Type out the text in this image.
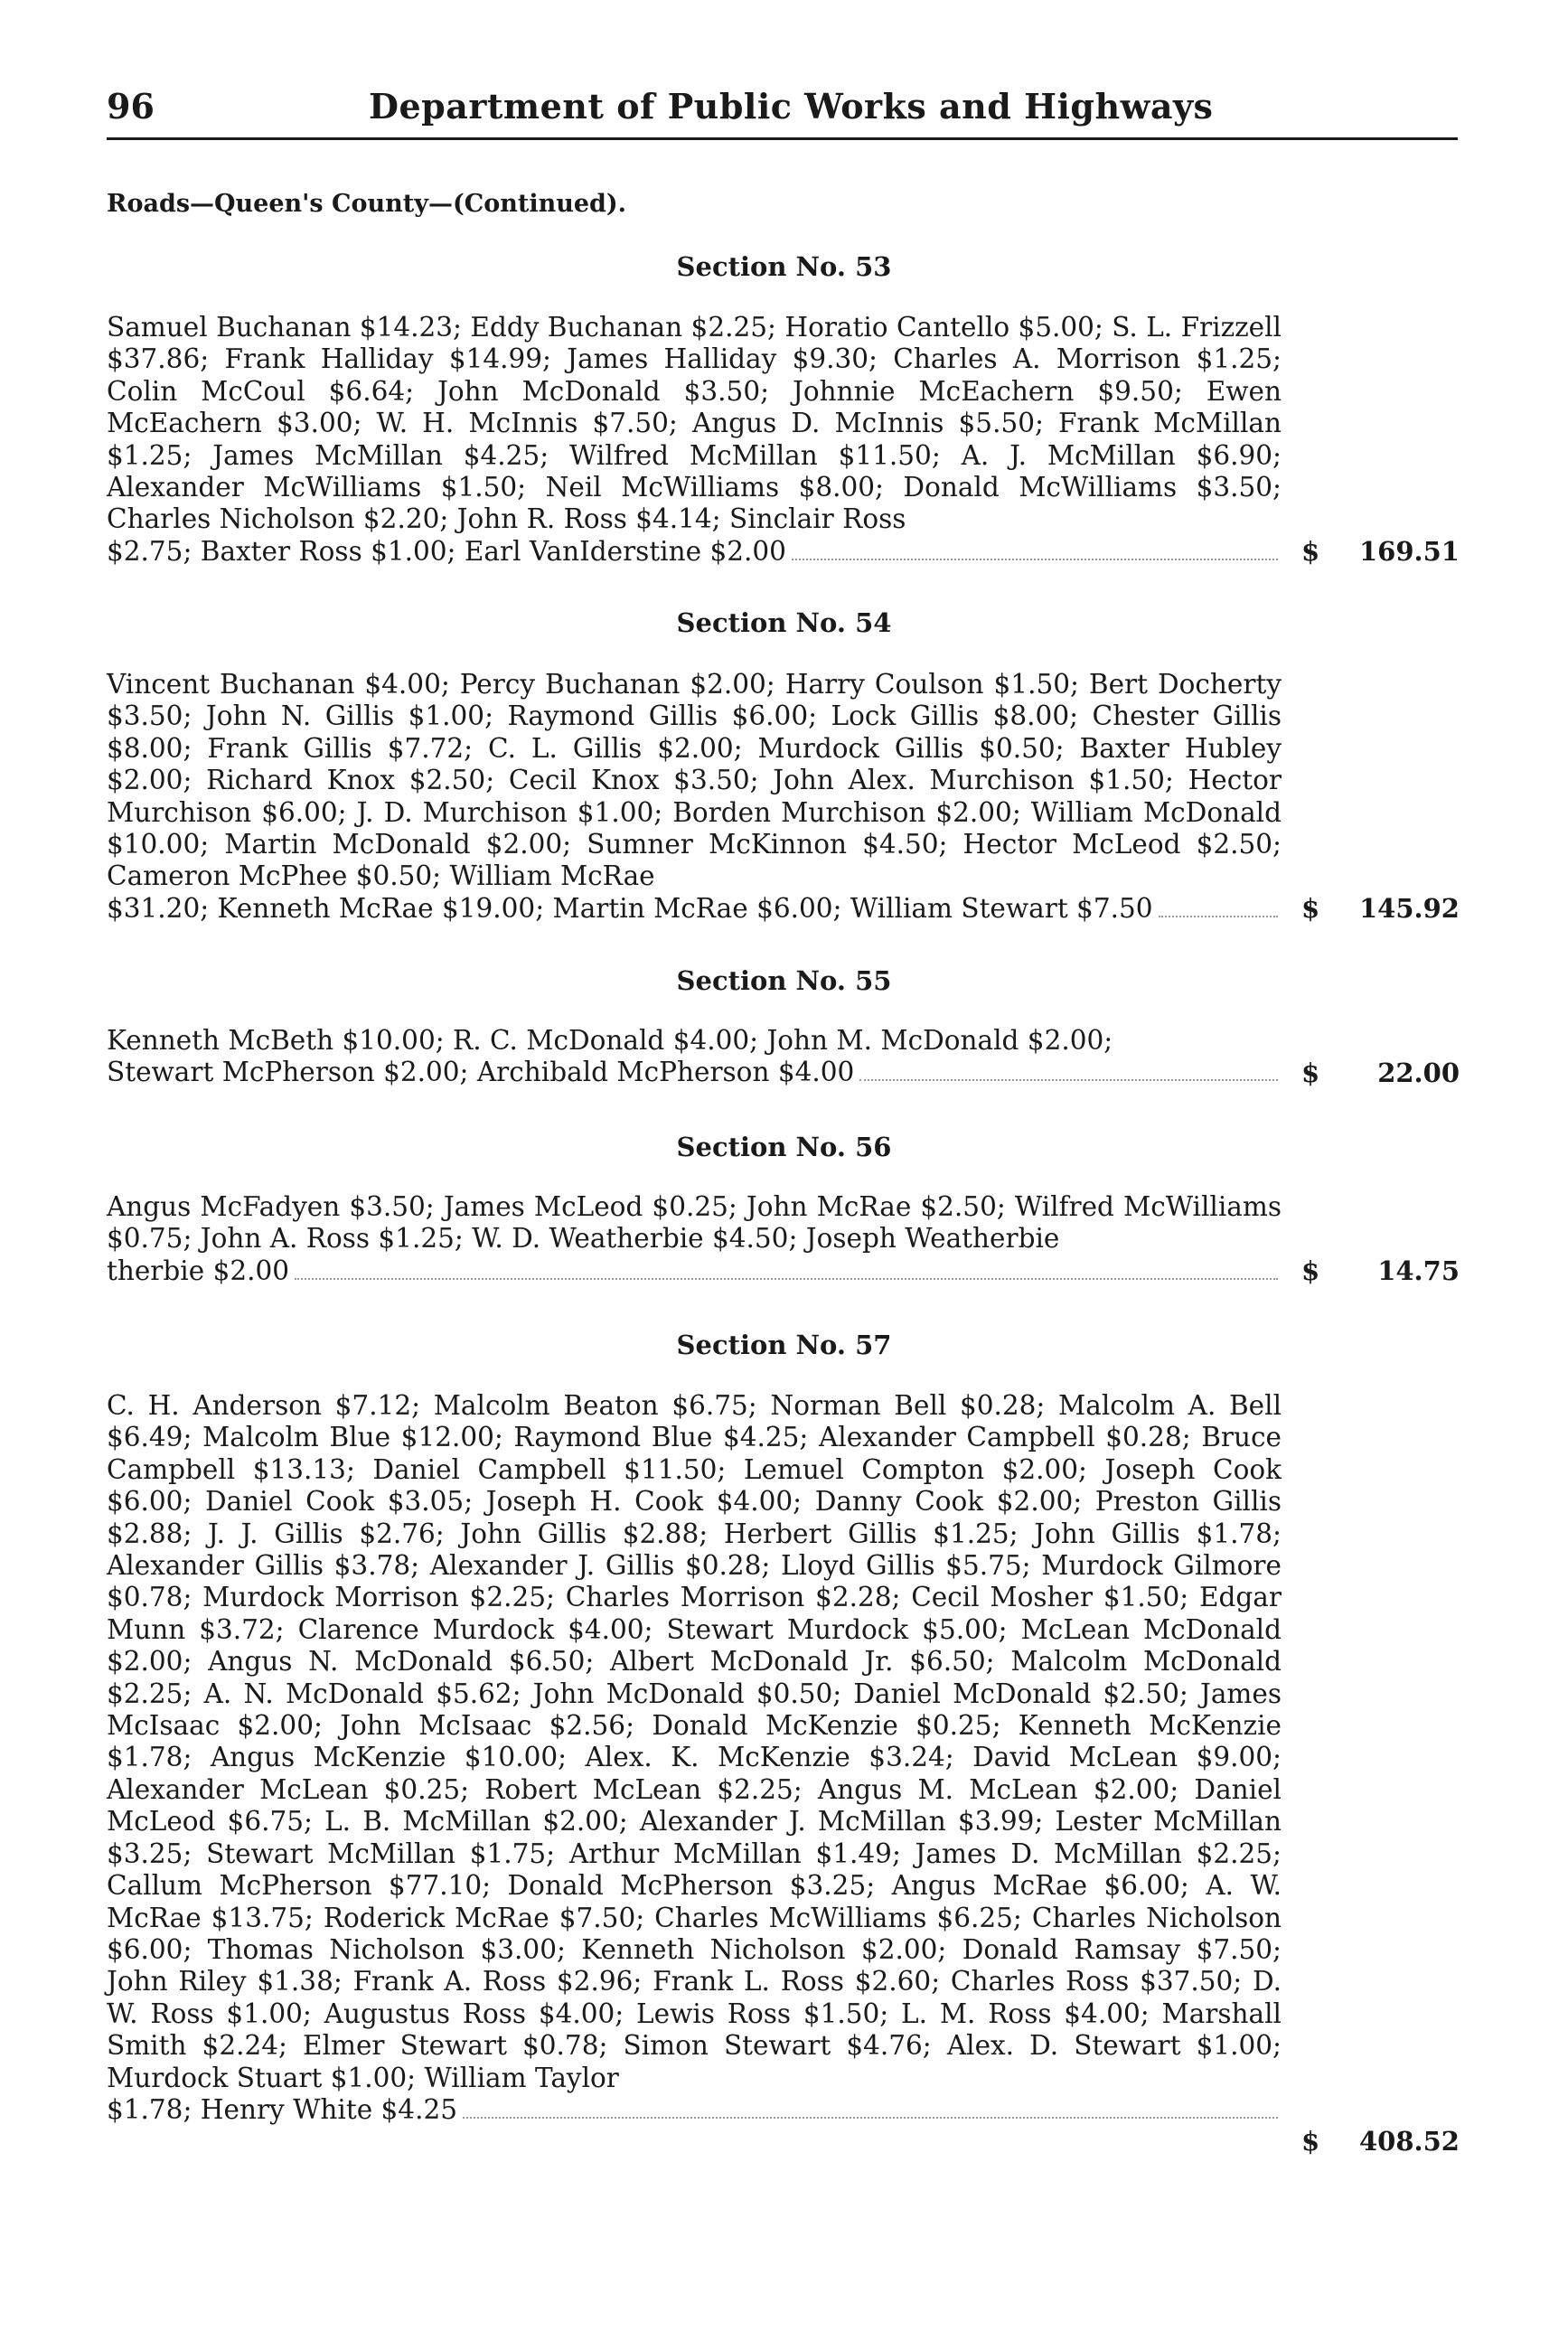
96	Department of Public Works and Highways
Roads—Queen's County—(Continued).
Section No. 53
Samuel Buchanan $14.23; Eddy Buchanan $2.25; Horatio Cantello $5.00; S. L. Frizzell $37.86; Frank Halliday $14.99; James Halliday $9.30; Charles A. Morrison $1.25; Colin McCoul $6.64; John McDonald $3.50; Johnnie McEachern $9.50; Ewen McEachern $3.00; W. H. McInnis $7.50; Angus D. McInnis $5.50; Frank McMillan $1.25; James McMillan $4.25; Wilfred McMillan $11.50; A. J. McMillan $6.90; Alexander McWilliams $1.50; Neil McWilliams $8.00; Donald McWilliams $3.50; Charles Nicholson $2.20; John R. Ross $4.14; Sinclair Ross
$2.75; Baxter Ross $1.00; Earl VanIderstine $2.00	$ 169.51
Section No. 54
Vincent Buchanan $4.00; Percy Buchanan $2.00; Harry Coulson $1.50; Bert Docherty $3.50; John N. Gillis $1.00; Raymond Gillis $6.00; Lock Gillis $8.00; Chester Gillis $8.00; Frank Gillis $7.72; C. L. Gillis $2.00; Murdock Gillis $0.50; Baxter Hubley $2.00; Richard Knox $2.50; Cecil Knox $3.50; John Alex. Murchison $1.50; Hector Murchison $6.00; J. D. Murchison $1.00; Borden Murchison $2.00; William McDonald $10.00; Martin McDonald $2.00; Sumner McKinnon $4.50; Hector McLeod $2.50; Cameron McPhee $0.50; William McRae
$31.20; Kenneth McRae $19.00; Martin McRae $6.00; William Stewart $7.50	$ 145.92
Section No. 55
Kenneth McBeth $10.00; R. C. McDonald $4.00; John M. McDonald $2.00;
Stewart McPherson $2.00; Archibald McPherson $4.00	$ 22.00
Section No. 56
Angus McFadyen $3.50; James McLeod $0.25; John McRae $2.50; Wilfred McWilliams $0.75; John A. Ross $1.25; W. D. Weatherbie $4.50; Joseph Weatherbie
therbie $2.00	$ 14.75
Section No. 57
C. H. Anderson $7.12; Malcolm Beaton $6.75; Norman Bell $0.28; Malcolm A. Bell $6.49; Malcolm Blue $12.00; Raymond Blue $4.25; Alexander Campbell $0.28; Bruce Campbell $13.13; Daniel Campbell $11.50; Lemuel Compton $2.00; Joseph Cook $6.00; Daniel Cook $3.05; Joseph H. Cook $4.00; Danny Cook $2.00; Preston Gillis $2.88; J. J. Gillis $2.76; John Gillis $2.88; Herbert Gillis $1.25; John Gillis $1.78; Alexander Gillis $3.78; Alexander J. Gillis $0.28; Lloyd Gillis $5.75; Murdock Gilmore $0.78; Murdock Morrison $2.25; Charles Morrison $2.28; Cecil Mosher $1.50; Edgar Munn $3.72; Clarence Murdock $4.00; Stewart Murdock $5.00; McLean McDonald $2.00; Angus N. McDonald $6.50; Albert McDonald Jr. $6.50; Malcolm McDonald $2.25; A. N. McDonald $5.62; John McDonald $0.50; Daniel McDonald $2.50; James McIsaac $2.00; John McIsaac $2.56; Donald McKenzie $0.25; Kenneth McKenzie $1.78; Angus McKenzie $10.00; Alex. K. McKenzie $3.24; David McLean $9.00; Alexander McLean $0.25; Robert McLean $2.25; Angus M. McLean $2.00; Daniel McLeod $6.75; L. B. McMillan $2.00; Alexander J. McMillan $3.99; Lester McMillan $3.25; Stewart McMillan $1.75; Arthur McMillan $1.49; James D. McMillan $2.25; Callum McPherson $77.10; Donald McPherson $3.25; Angus McRae $6.00; A. W. McRae $13.75; Roderick McRae $7.50; Charles McWilliams $6.25; Charles Nicholson $6.00; Thomas Nicholson $3.00; Kenneth Nicholson $2.00; Donald Ramsay $7.50; John Riley $1.38; Frank A. Ross $2.96; Frank L. Ross $2.60; Charles Ross $37.50; D. W. Ross $1.00; Augustus Ross $4.00; Lewis Ross $1.50; L. M. Ross $4.00; Marshall Smith $2.24; Elmer Stewart $0.78; Simon Stewart $4.76; Alex. D. Stewart $1.00; Murdock Stuart $1.00; William Taylor
$1.78; Henry White $4.25
$ 408.52
